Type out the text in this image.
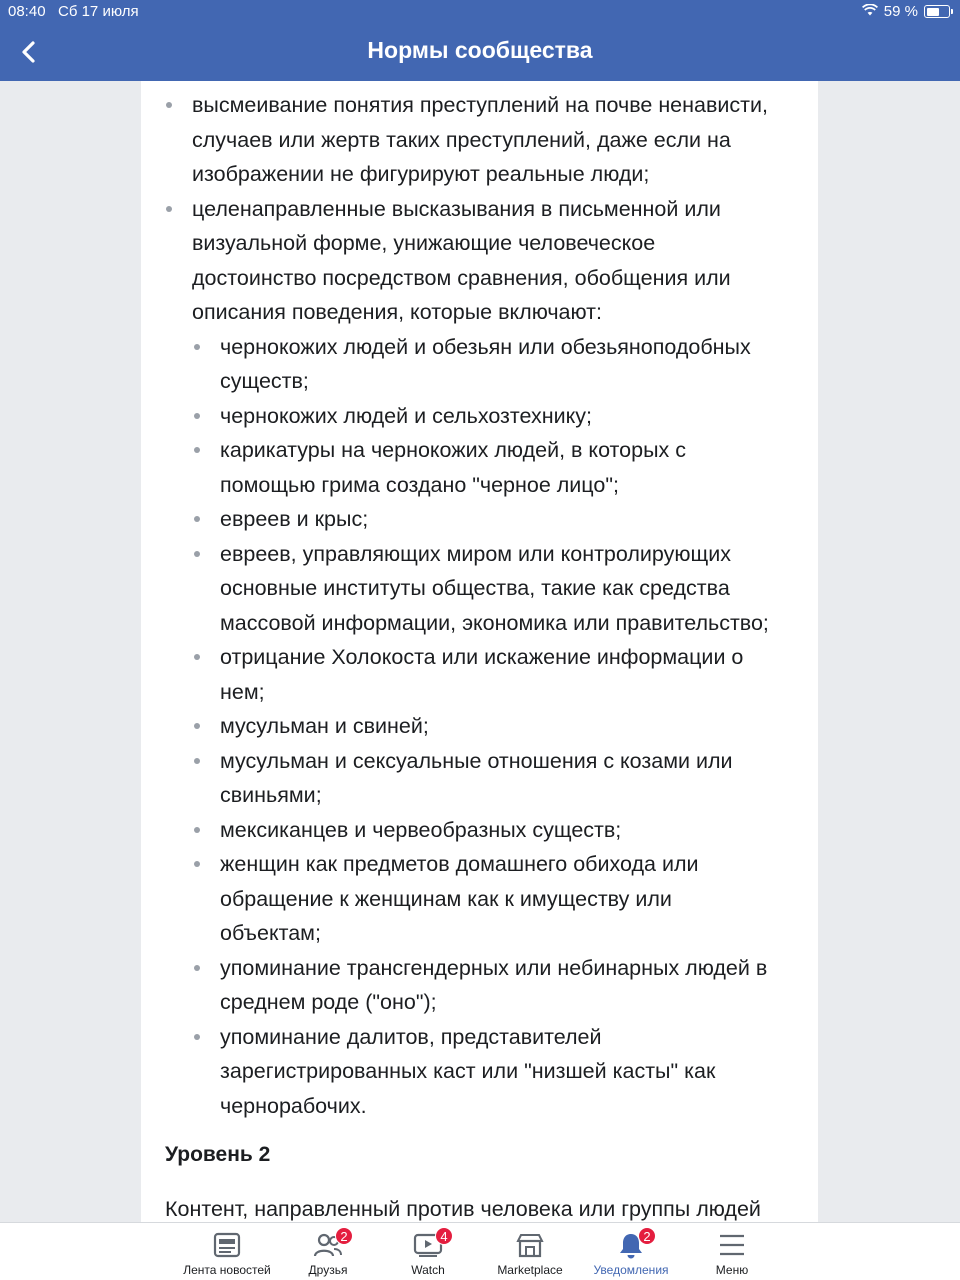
08:40 Сб 17 июля	59 %
Нормы сообщества
высмеивание понятия преступлений на почве ненависти,
случаев или жертв таких преступлений, даже если на
изображении не фигурируют реальные люди;
целенаправленные высказывания в письменной или
визуальной форме, унижающие человеческое
достоинство посредством сравнения, обобщения или
описания поведения, которые включают:
чернокожих людей и обезьян или обезьяноподобных
существ;
чернокожих людей и сельхозтехнику;
карикатуры на чернокожих людей, в которых с
помощью грима создано "черное лицо";
евреев и крыс;
евреев, управляющих миром или контролирующих
основные институты общества, такие как средства
массовой информации, экономика или правительство;
отрицание Холокоста или искажение информации о
нем;
мусульман и свиней;
мусульман и сексуальные отношения с козами или
свиньями;
мексиканцев и червеобразных существ;
женщин как предметов домашнего обихода или
обращение к женщинам как к имуществу или
объектам;
упоминание трансгендерных или небинарных людей в
среднем роде ("оно");
упоминание далитов, представителей
зарегистрированных каст или "низшей касты" как
чернорабочих.
Уровень 2
Контент, направленный против человека или группы людей
Лента новостей
2
Друзья
4
Watch	Marketplace
2
Уведомления	Меню
